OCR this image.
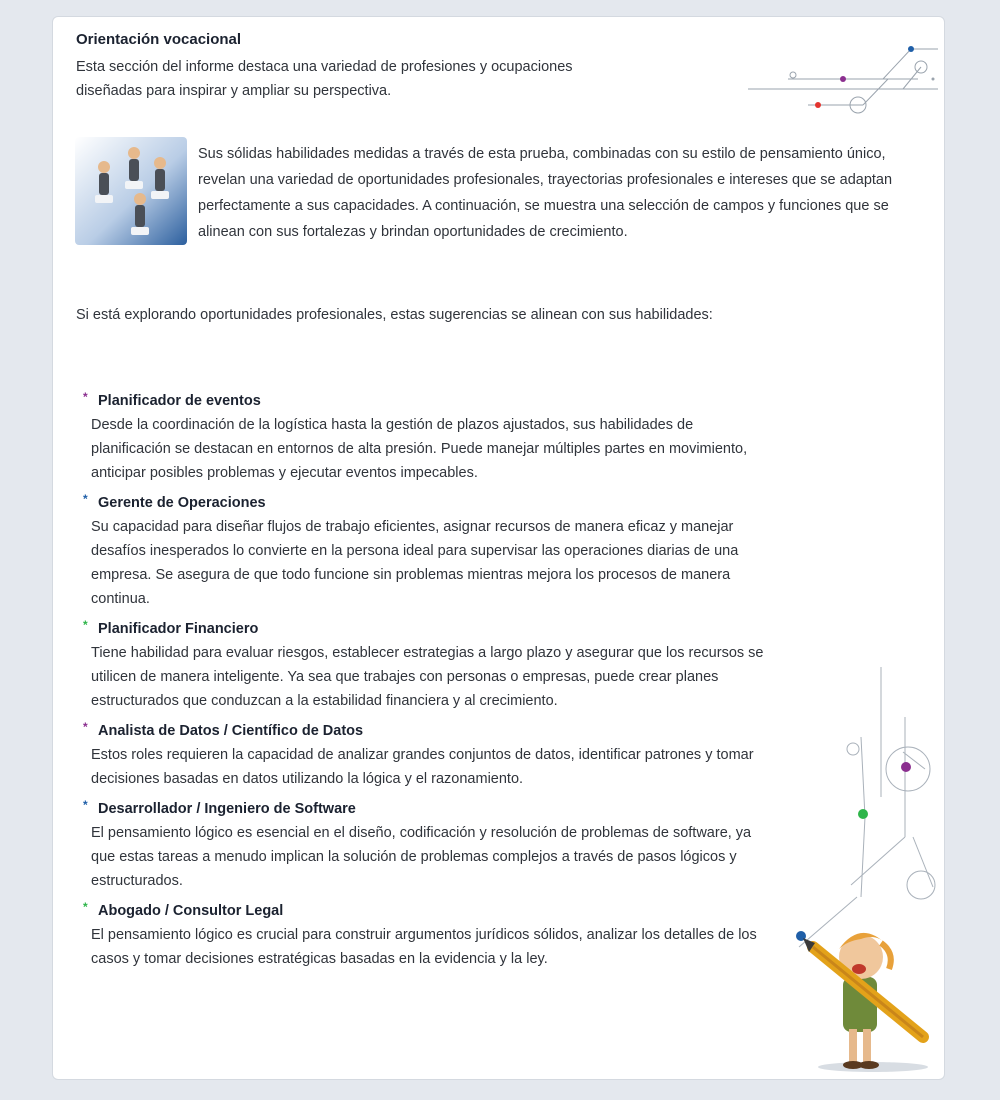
Orientación vocacional
Esta sección del informe destaca una variedad de profesiones y ocupaciones diseñadas para inspirar y ampliar su perspectiva.
Sus sólidas habilidades medidas a través de esta prueba, combinadas con su estilo de pensamiento único, revelan una variedad de oportunidades profesionales, trayectorias profesionales e intereses que se adaptan perfectamente a sus capacidades. A continuación, se muestra una selección de campos y funciones que se alinean con sus fortalezas y brindan oportunidades de crecimiento.
Si está explorando oportunidades profesionales, estas sugerencias se alinean con sus habilidades:
* Planificador de eventos
Desde la coordinación de la logística hasta la gestión de plazos ajustados, sus habilidades de planificación se destacan en entornos de alta presión. Puede manejar múltiples partes en movimiento, anticipar posibles problemas y ejecutar eventos impecables.
* Gerente de Operaciones
Su capacidad para diseñar flujos de trabajo eficientes, asignar recursos de manera eficaz y manejar desafíos inesperados lo convierte en la persona ideal para supervisar las operaciones diarias de una empresa. Se asegura de que todo funcione sin problemas mientras mejora los procesos de manera continua.
* Planificador Financiero
Tiene habilidad para evaluar riesgos, establecer estrategias a largo plazo y asegurar que los recursos se utilicen de manera inteligente. Ya sea que trabajes con personas o empresas, puede crear planes estructurados que conduzcan a la estabilidad financiera y al crecimiento.
* Analista de Datos / Científico de Datos
Estos roles requieren la capacidad de analizar grandes conjuntos de datos, identificar patrones y tomar decisiones basadas en datos utilizando la lógica y el razonamiento.
* Desarrollador / Ingeniero de Software
El pensamiento lógico es esencial en el diseño, codificación y resolución de problemas de software, ya que estas tareas a menudo implican la solución de problemas complejos a través de pasos lógicos y estructurados.
* Abogado / Consultor Legal
El pensamiento lógico es crucial para construir argumentos jurídicos sólidos, analizar los detalles de los casos y tomar decisiones estratégicas basadas en la evidencia y la ley.
